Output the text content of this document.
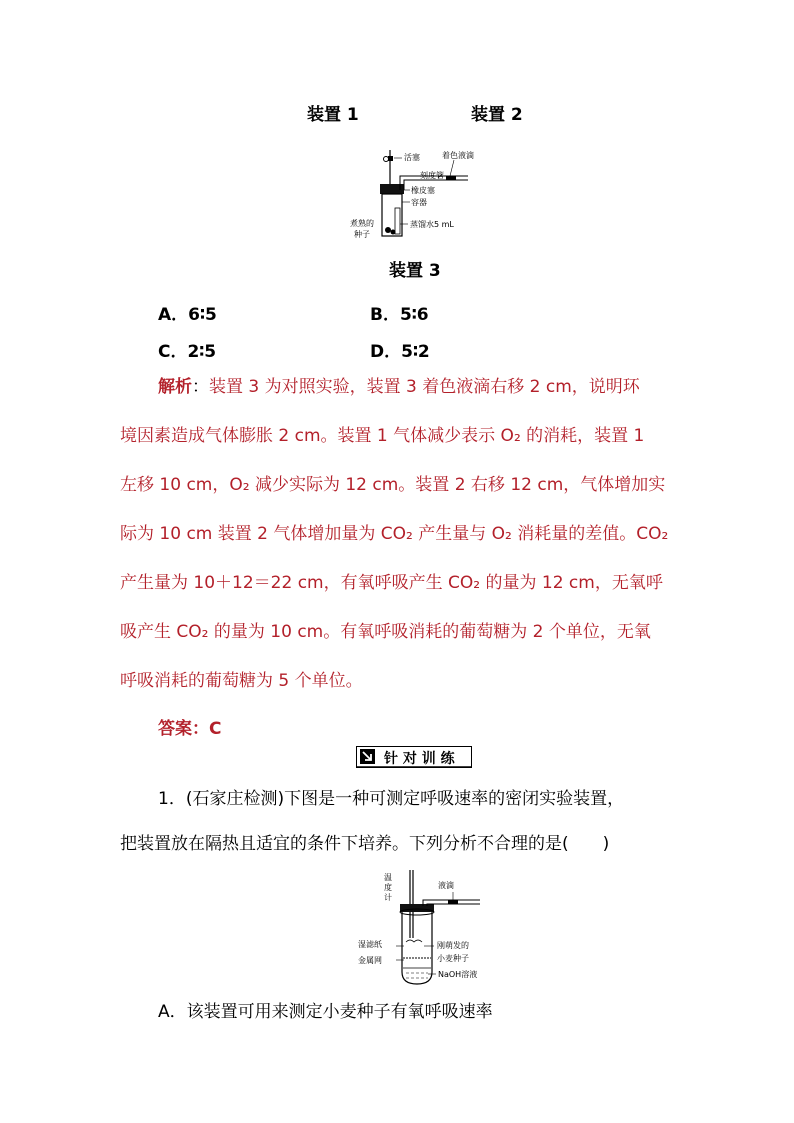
装置 1	装置 2
活塞	着色液滴
刻度管
橡皮塞
容器
煮熟的
种子
蒸馏水5 mL
装置 3
A．6∶5	B．5∶6
C．2∶5	D．5∶2
解析：装置 3 为对照实验，装置 3 着色液滴右移 2 cm，说明环
境因素造成气体膨胀 2 cm。装置 1 气体减少表示 O₂ 的消耗，装置 1
左移 10 cm，O₂ 减少实际为 12 cm。装置 2 右移 12 cm，气体增加实
际为 10 cm 装置 2 气体增加量为 CO₂ 产生量与 O₂ 消耗量的差值。CO₂
产生量为 10＋12＝22 cm，有氧呼吸产生 CO₂ 的量为 12 cm，无氧呼
吸产生 CO₂ 的量为 10 cm。有氧呼吸消耗的葡萄糖为 2 个单位，无氧
呼吸消耗的葡萄糖为 5 个单位。
答案：C
针 对 训 练
1．(石家庄检测)下图是一种可测定呼吸速率的密闭实验装置，
把装置放在隔热且适宜的条件下培养。下列分析不合理的是(　　)
温
度
计
液滴
湿滤纸
金属网
刚萌发的
小麦种子
NaOH溶液
A．该装置可用来测定小麦种子有氧呼吸速率
